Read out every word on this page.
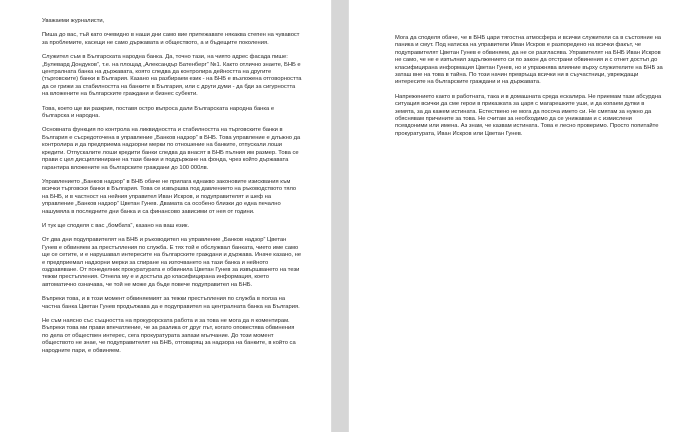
Уважаеми журналисти,

Пиша до вас, тъй като очевидно в наши дни само вие притежавате някаква степен на чувавост за проблемите, касещи не само държавата и обществото, а и бъдещите поколения.

Служител съм в Българската народна банка. Да, точно тази, на чиято адрес фасада пише: „Булевард Дондуков“, т.е. на площад „Александър Батенберг“ №1. Както отлично знаете, БНБ е централната банка на държавата, която следва да контролира дейността на другите (търговските) банки в България. Казано на разбираем език - на БНБ е възложена отговорността да се грижи за стабилността на банките в България, или с други думи - да бди за сигурността на вложените на българските граждани и бизнес субекти.

Това, което ще ви разкрия, поставя остро въпроса дали Българската народна банка е българска и народна.

Основната функция по контрола на ликвидността и стабилността на търговските банки в България е съсредоточена в управление „Банков надзор“ в БНБ. Това управление е длъжно да контролира и да предприема надзорни мерки по отношение на банките, отпускали лоши кредити. Отпускалите лоши кредити банки следва да внасят в БНБ пълния им размер. Това се прави с цел дисциплиниране на тази банки и поддържане на фонда, чрез който държавата гарантира вложените на българските граждани до 100 000лв.

Управлението „Банков надзор“ в БНБ обаче не прилага еднакво законовите изисквания към всички търговски банки в България. Това се извършва под давлението на ръководството тяло на БНБ, и в частност на нейния управител Иван Искров, и подуправителят и шеф на управление „Банков надзор“ Цветан Гунев. Двамата са особено близки до една печално нашумяла в последните дни банка и са финансово зависими от нея от години.

И тук ще споделя с вас „бомбата“, казано на ваш език.

От два дни подуправителят на БНБ и ръководител на управление „Банков надзор“ Цветан Гунев е обвиняем за престъпления по служба. Е тях той е обслужвал банката, чието име само ще се сетите, и е нарушавал интересите на българските граждани и държава. Иначе казано, не е предприемал надзорни мерки за спиране на източването на тази банка и нейното оздравяване. От понеделник прокуратурата е обвинила Цветан Гунев за извършването на тези тежки престъпления. Отнела му е и достъпа до класифицирана информация, което автоматично означава, че той не може да бъде повече подуправител на БНБ.

Въпреки това, и в този момент обвиняемият за тежки престъпления по служба в полза на частна банка Цветан Гунев продължава да е подуправител на централната банка на България.

Не съм наясно със същността на прокурорската работа и за това не мога да я коментирам. Въпреки това ми прави впечатление, че за разлика от друг път, когато оповестява обвинения по дела от обществен интерес, сега прокуратурата запази мълчание. До този момент обществото не знае, че подуправителят на БНБ, отговарящ за надзора на банките, в който са народните пари, е обвиняем.

Мога да споделя обаче, че в БНБ цари тягостна атмосфера и всички служители са в състояние на паника и смут. Под натиска на управители Иван Искров е разпоредено на всички факът, че подуправителят Цветан Гунев е обвиняем, да не се разгласява. Управителят на БНБ Иван Искров не само, че не е изпълнил задължението си по закон да отстрани обвинения и с отнет достъп до класифицирана информация Цветан Гунев, но и упражнява влияние върху служителите на БНБ за заташ вне на това в тайна. По този начин превръща всички ни в съучастници, увреждащи интересите на българските граждани и на държавата.

Напрежението както в работната, така и в домашната среда ескалира. Не приемам тази абсурдна ситуация всички да сме герои в приказката за царя с магарешките уши, и да копаем дупки в земята, за да кажем истината. Естествено не мога да посоча името си. Не смятам за нужно да обяснявам причините за това. Не считам за необходимо да се унижавам и с измислени псевдоними или имена. Аз знам, че казвам истината. Това е лесно проверимо. Просто попитайте прокуратурата, Иван Искров или Цветан Гунев.
